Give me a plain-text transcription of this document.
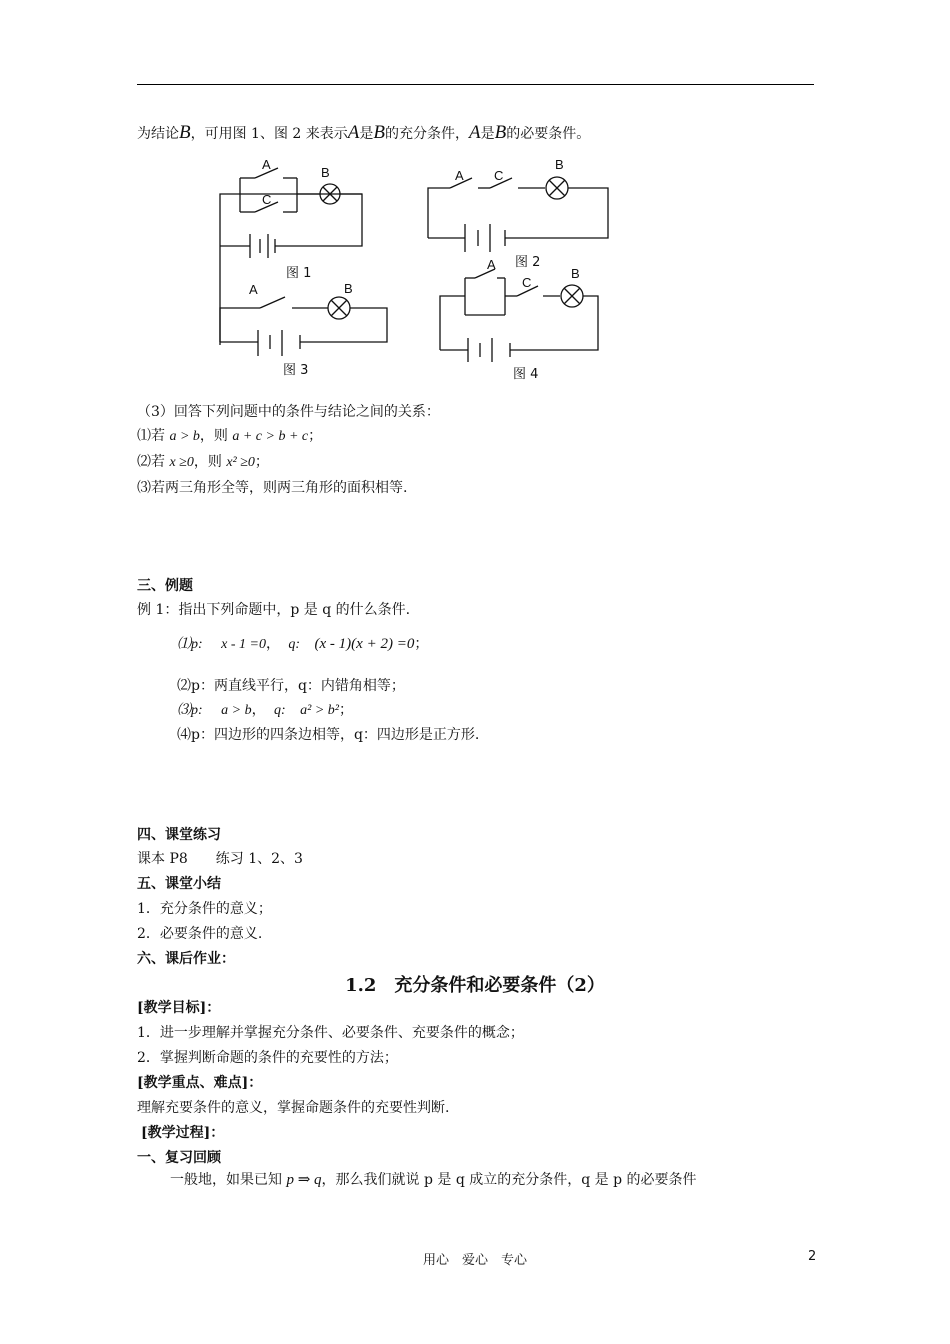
为结论B，可用图 1、图 2 来表示A是B的充分条件，A是B的必要条件。
A
C
B
图 1
A C
B
图 2
A	B
图 3
A
C
B
图 4
（3）回答下列问题中的条件与结论之间的关系：
⑴若 a > b，则 a + c > b + c；
⑵若 x ≥0，则 x² ≥0；
⑶若两三角形全等，则两三角形的面积相等.
三、例题
例 1：指出下列命题中，p 是 q 的什么条件.
⑴p: x - 1 =0， q: (x - 1)(x + 2) =0；
⑵p：两直线平行，q：内错角相等；
⑶p: a > b， q: a² > b²；
⑷p：四边形的四条边相等，q：四边形是正方形.
四、课堂练习
课本 P8　　练习 1、2、3
五、课堂小结
1．充分条件的意义；
2．必要条件的意义.
六、课后作业：
1.2　充分条件和必要条件（2）
[教学目标]：
1．进一步理解并掌握充分条件、必要条件、充要条件的概念；
2．掌握判断命题的条件的充要性的方法；
[教学重点、难点]：
理解充要条件的意义，掌握命题条件的充要性判断.
[教学过程]：
一、复习回顾
一般地，如果已知 p ⇒ q，那么我们就说 p 是 q 成立的充分条件，q 是 p 的必要条件
用心　爱心　专心	2
